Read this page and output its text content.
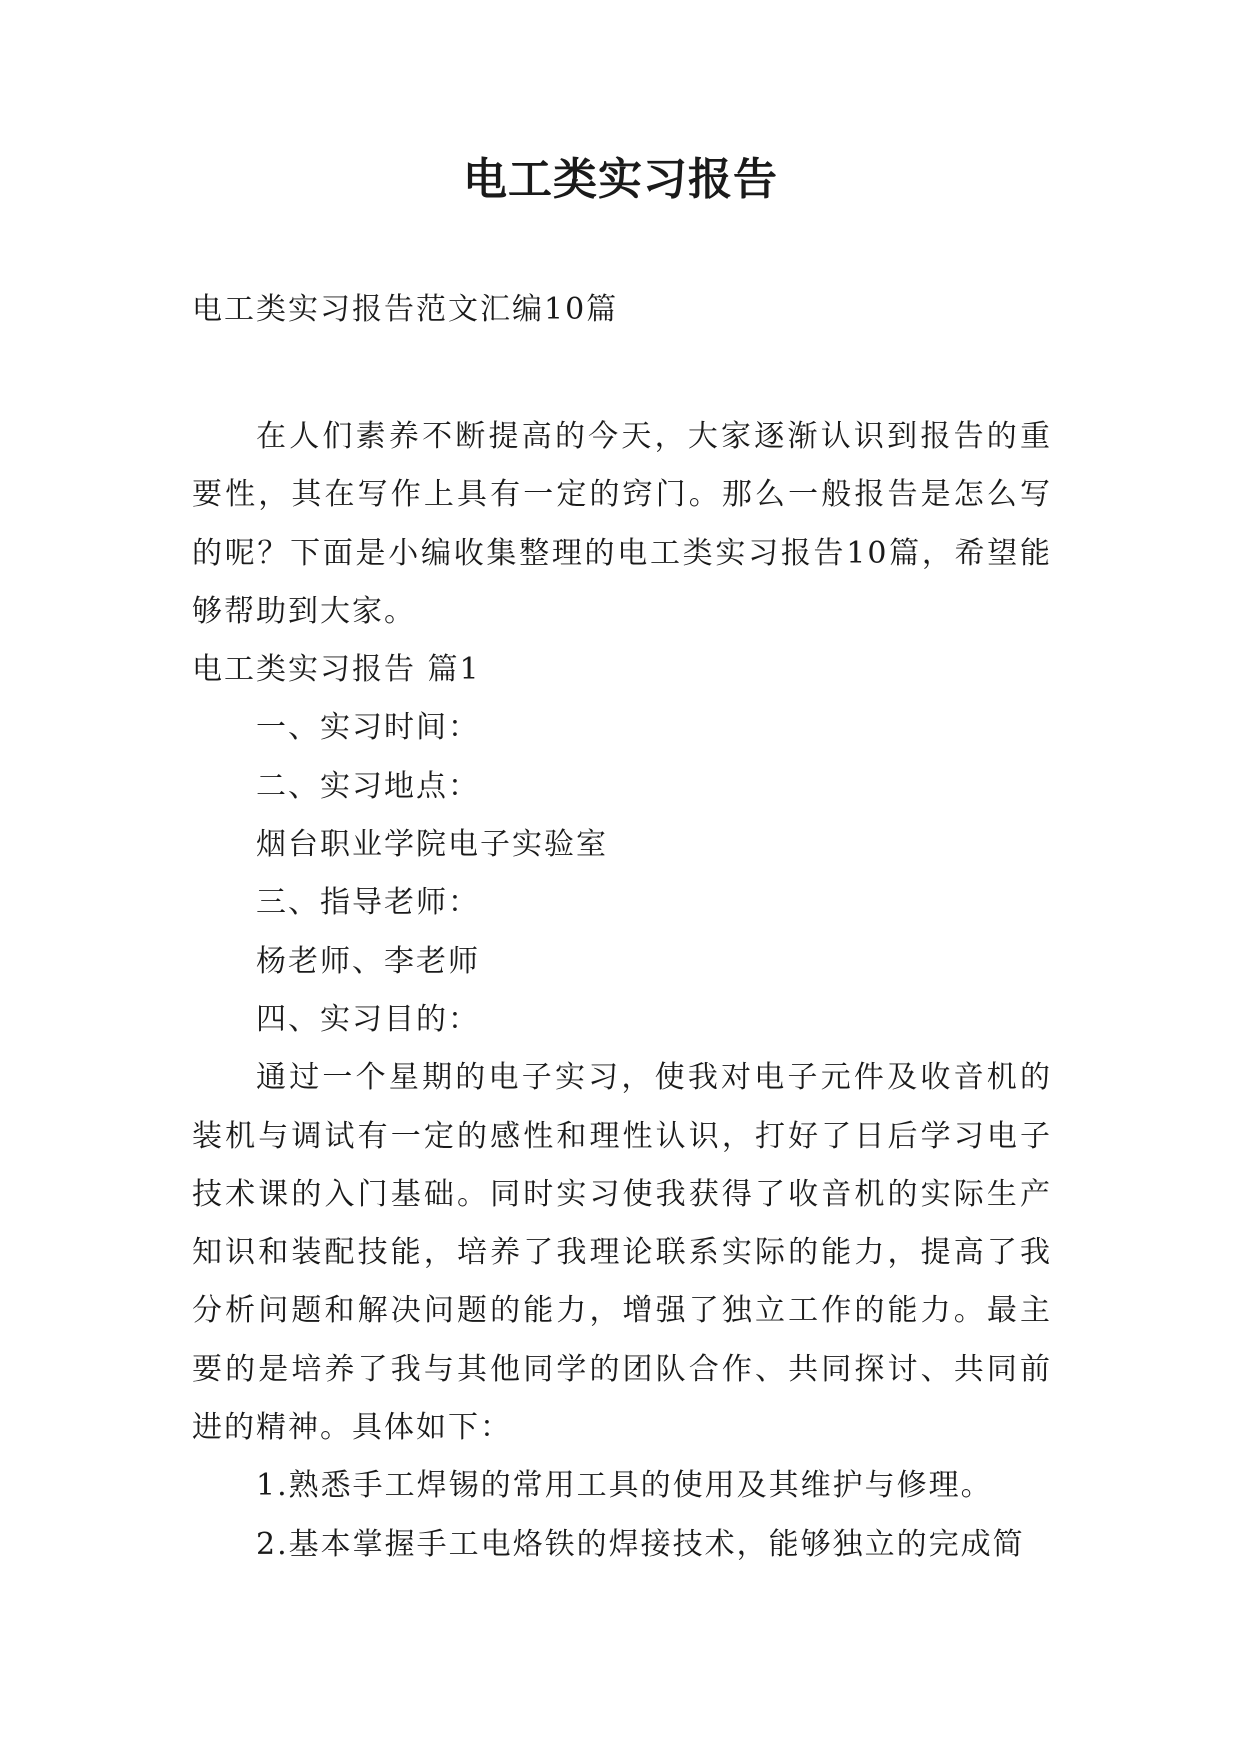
电工类实习报告

电工类实习报告范文汇编10篇

在人们素养不断提高的今天，大家逐渐认识到报告的重要性，其在写作上具有一定的窍门。那么一般报告是怎么写的呢？下面是小编收集整理的电工类实习报告10篇，希望能够帮助到大家。

电工类实习报告 篇1

一、实习时间：

二、实习地点：

烟台职业学院电子实验室

三、指导老师：

杨老师、李老师

四、实习目的：

通过一个星期的电子实习，使我对电子元件及收音机的装机与调试有一定的感性和理性认识，打好了日后学习电子技术课的入门基础。同时实习使我获得了收音机的实际生产知识和装配技能，培养了我理论联系实际的能力，提高了我分析问题和解决问题的能力，增强了独立工作的能力。最主要的是培养了我与其他同学的团队合作、共同探讨、共同前进的精神。具体如下：

1.熟悉手工焊锡的常用工具的使用及其维护与修理。

2.基本掌握手工电烙铁的焊接技术，能够独立的完成简
